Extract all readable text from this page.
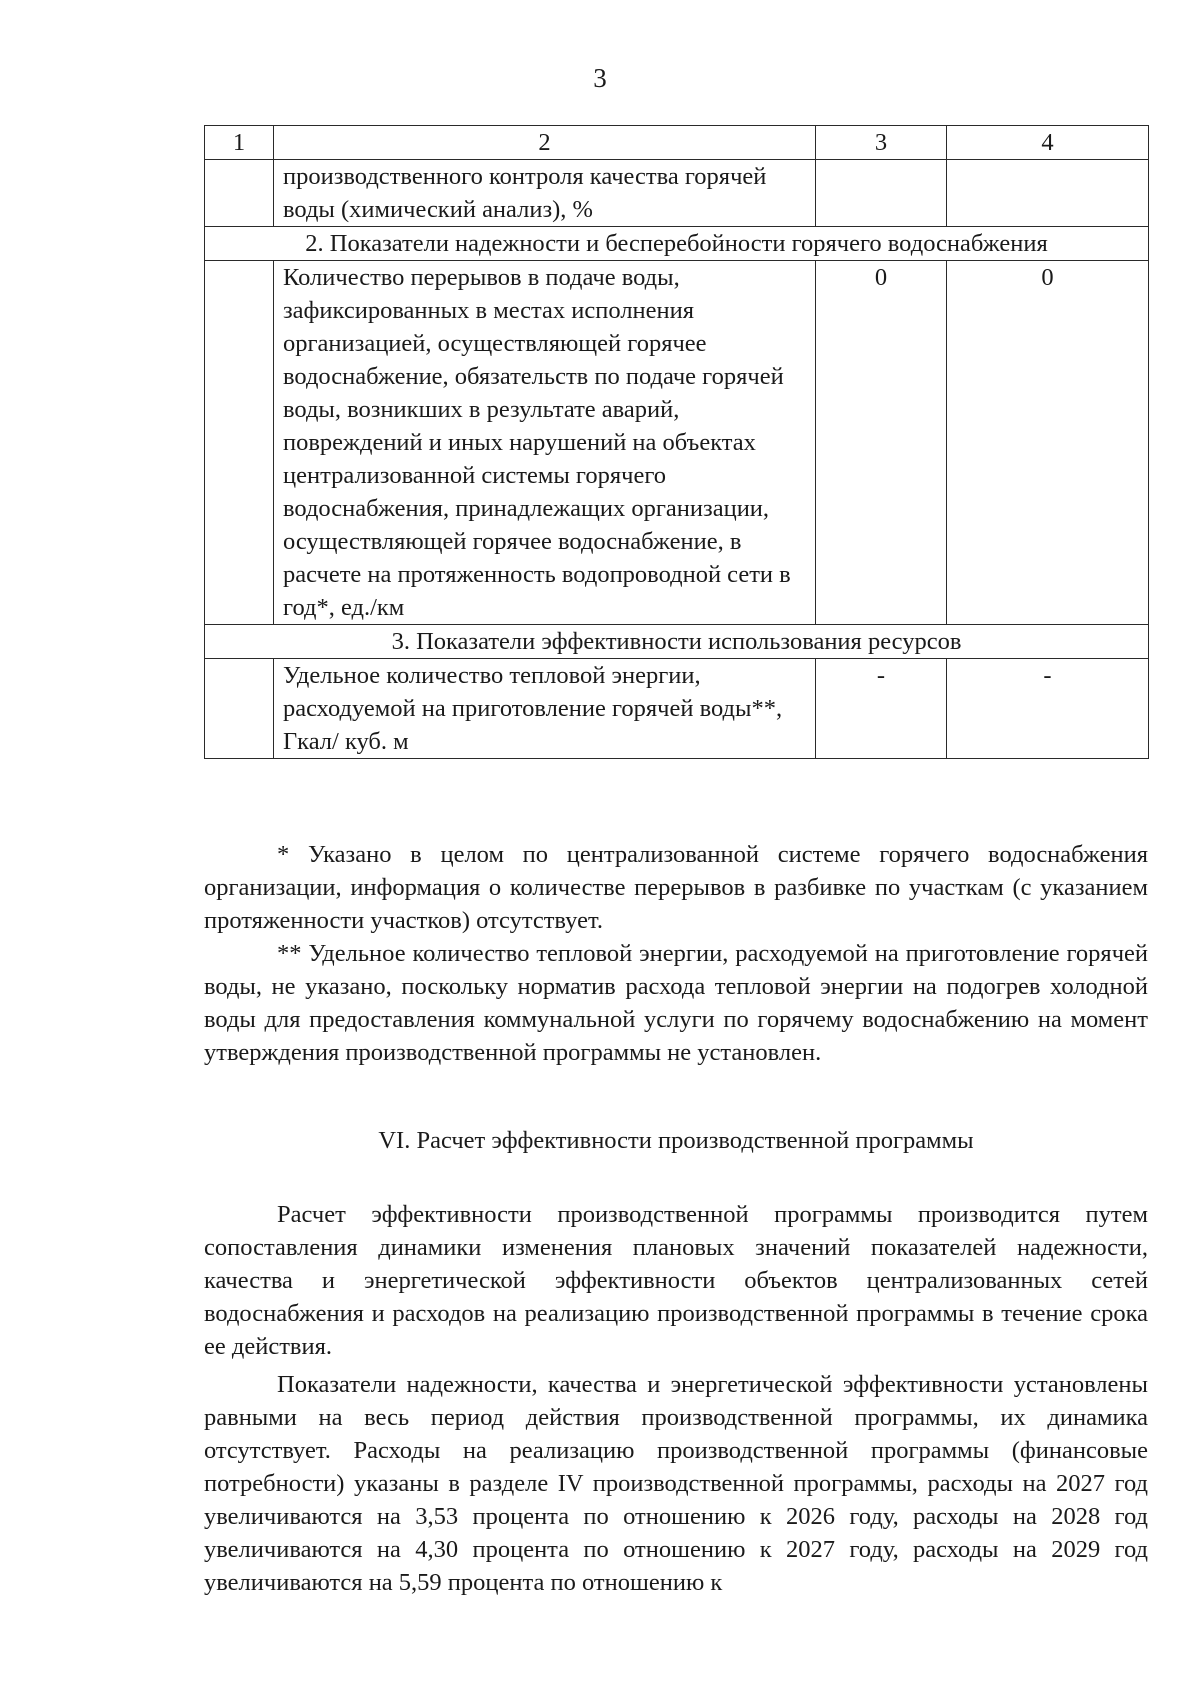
3
1	2	3	4
	производственного контроля качества горячей воды (химический анализ), %		
2. Показатели надежности и бесперебойности горячего водоснабжения			
	Количество перерывов в подаче воды, зафиксированных в местах исполнения организацией, осуществляющей горячее водоснабжение, обязательств по подаче горячей воды, возникших в результате аварий, повреждений и иных нарушений на объектах централизованной системы горячего водоснабжения, принадлежащих организации, осуществляющей горячее водоснабжение, в расчете на протяженность водопроводной сети в год*, ед./км	0	0
3. Показатели эффективности использования ресурсов			
	Удельное количество тепловой энергии, расходуемой на приготовление горячей воды**, Гкал/ куб. м	-	-

* Указано в целом по централизованной системе горячего водоснабжения организации, информация о количестве перерывов в разбивке по участкам (с указанием протяженности участков) отсутствует.

** Удельное количество тепловой энергии, расходуемой на приготовление горячей воды, не указано, поскольку норматив расхода тепловой энергии на подогрев холодной воды для предоставления коммунальной услуги по горячему водоснабжению на момент утверждения производственной программы не установлен.

VI. Расчет эффективности производственной программы

Расчет эффективности производственной программы производится путем сопоставления динамики изменения плановых значений показателей надежности, качества и энергетической эффективности объектов централизованных сетей водоснабжения и расходов на реализацию производственной программы в течение срока ее действия.

Показатели надежности, качества и энергетической эффективности установлены равными на весь период действия производственной программы, их динамика отсутствует. Расходы на реализацию производственной программы (финансовые потребности) указаны в разделе IV производственной программы, расходы на 2027 год увеличиваются на 3,53 процента по отношению к 2026 году, расходы на 2028 год увеличиваются на 4,30 процента по отношению к 2027 году, расходы на 2029 год увеличиваются на 5,59 процента по отношению к
